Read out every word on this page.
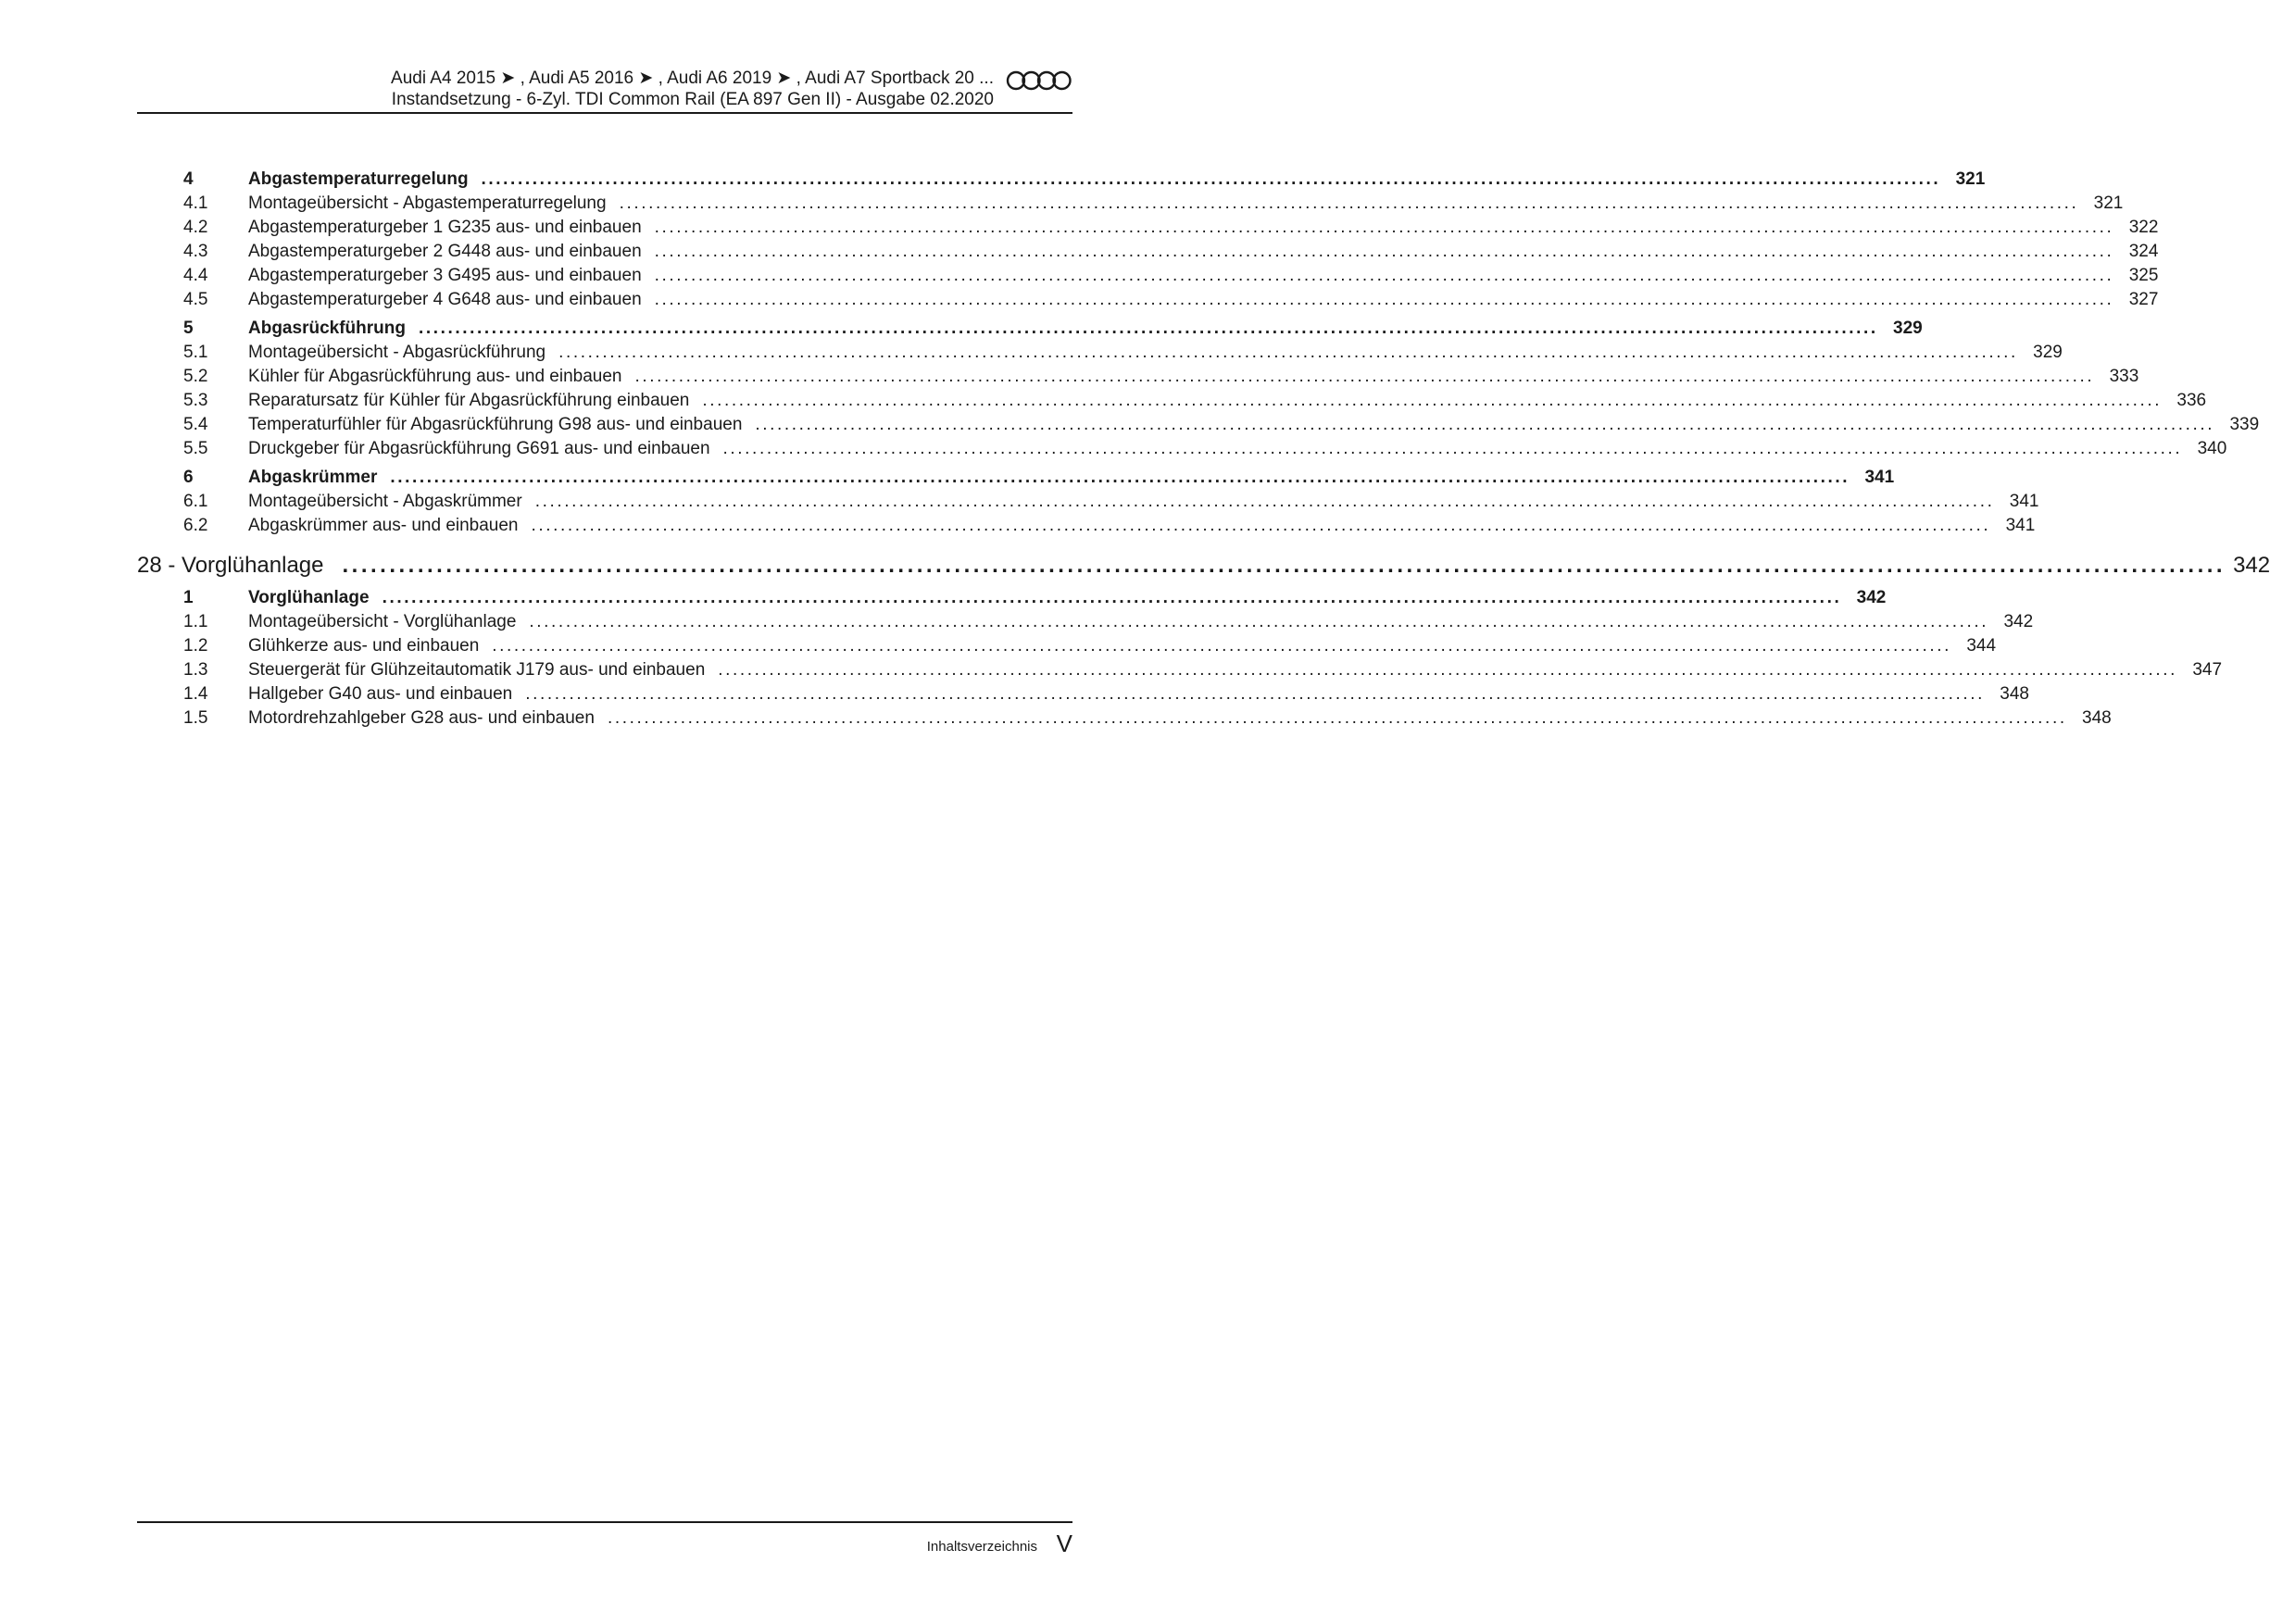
Audi A4 2015 ➤ , Audi A5 2016 ➤ , Audi A6 2019 ➤ , Audi A7 Sportback 20 ...
Instandsetzung - 6-Zyl. TDI Common Rail (EA 897 Gen II) - Ausgabe 02.2020
4	Abgastemperaturregelung ........................................................................................................................................................................................................ 321
4.1	Montageübersicht - Abgastemperaturregelung ........................................................................................................................................................................................................ 321
4.2	Abgastemperaturgeber 1 G235 aus- und einbauen ........................................................................................................................................................................................................ 322
4.3	Abgastemperaturgeber 2 G448 aus- und einbauen ........................................................................................................................................................................................................ 324
4.4	Abgastemperaturgeber 3 G495 aus- und einbauen ........................................................................................................................................................................................................ 325
4.5	Abgastemperaturgeber 4 G648 aus- und einbauen ........................................................................................................................................................................................................ 327
5	Abgasrückführung ........................................................................................................................................................................................................ 329
5.1	Montageübersicht - Abgasrückführung ........................................................................................................................................................................................................ 329
5.2	Kühler für Abgasrückführung aus- und einbauen ........................................................................................................................................................................................................ 333
5.3	Reparatursatz für Kühler für Abgasrückführung einbauen ........................................................................................................................................................................................................ 336
5.4	Temperaturfühler für Abgasrückführung G98 aus- und einbauen ........................................................................................................................................................................................................ 339
5.5	Druckgeber für Abgasrückführung G691 aus- und einbauen ........................................................................................................................................................................................................ 340
6	Abgaskrümmer ........................................................................................................................................................................................................ 341
6.1	Montageübersicht - Abgaskrümmer ........................................................................................................................................................................................................ 341
6.2	Abgaskrümmer aus- und einbauen ........................................................................................................................................................................................................ 341
28 - Vorglühanlage ........................................................................................................................................................................................................ 342
1	Vorglühanlage ........................................................................................................................................................................................................ 342
1.1	Montageübersicht - Vorglühanlage ........................................................................................................................................................................................................ 342
1.2	Glühkerze aus- und einbauen ........................................................................................................................................................................................................ 344
1.3	Steuergerät für Glühzeitautomatik J179 aus- und einbauen ........................................................................................................................................................................................................ 347
1.4	Hallgeber G40 aus- und einbauen ........................................................................................................................................................................................................ 348
1.5	Motordrehzahlgeber G28 aus- und einbauen ........................................................................................................................................................................................................ 348
Inhaltsverzeichnis V
